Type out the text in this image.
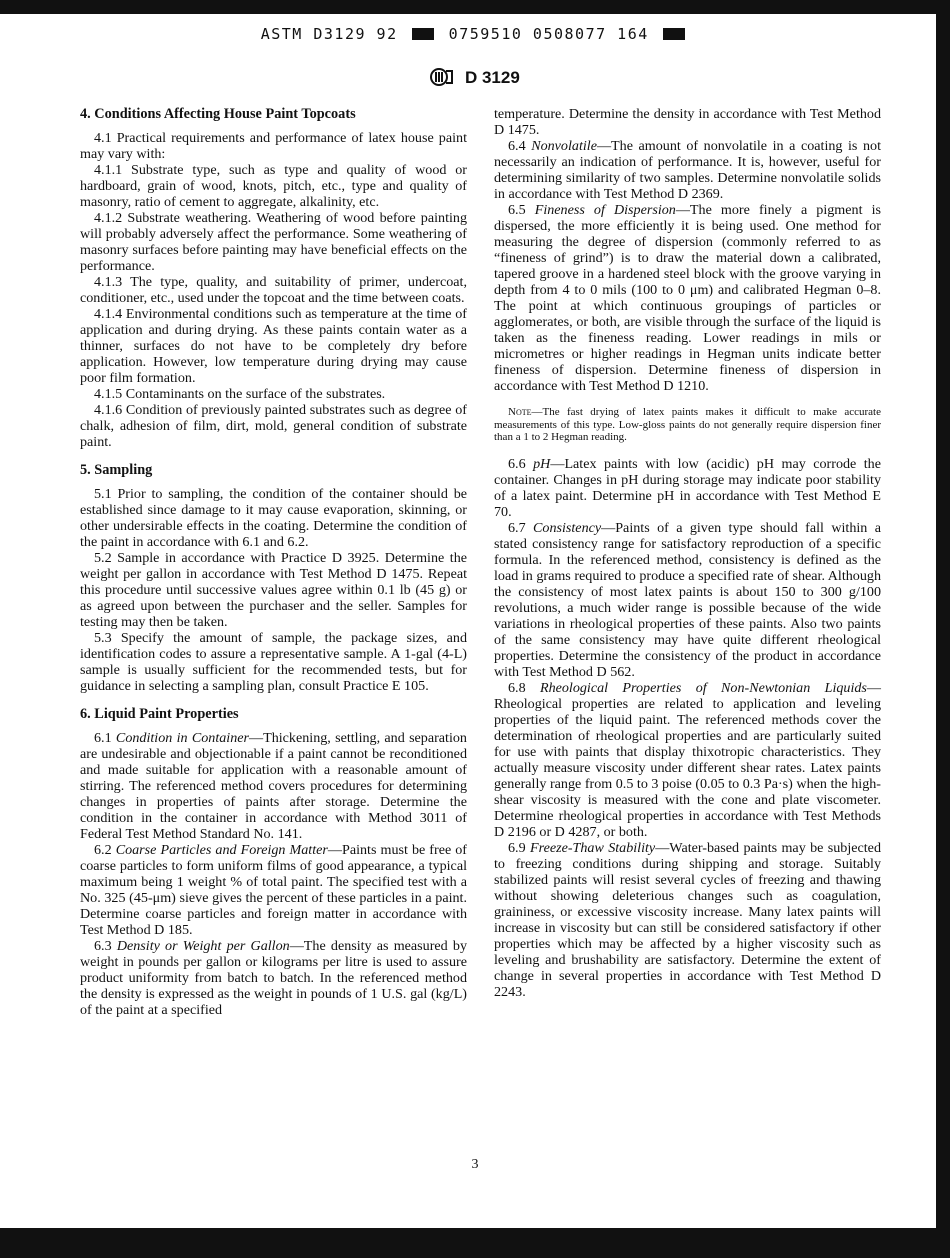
ASTM D3129 92	0759510 0508077 164
D 3129
4. Conditions Affecting House Paint Topcoats

4.1 Practical requirements and performance of latex house paint may vary with:

4.1.1 Substrate type, such as type and quality of wood or hardboard, grain of wood, knots, pitch, etc., type and quality of masonry, ratio of cement to aggregate, alkalinity, etc.

4.1.2 Substrate weathering. Weathering of wood before painting will probably adversely affect the performance. Some weathering of masonry surfaces before painting may have beneficial effects on the performance.

4.1.3 The type, quality, and suitability of primer, undercoat, conditioner, etc., used under the topcoat and the time between coats.

4.1.4 Environmental conditions such as temperature at the time of application and during drying. As these paints contain water as a thinner, surfaces do not have to be completely dry before application. However, low temperature during drying may cause poor film formation.

4.1.5 Contaminants on the surface of the substrates.

4.1.6 Condition of previously painted substrates such as degree of chalk, adhesion of film, dirt, mold, general condition of substrate paint.

5. Sampling

5.1 Prior to sampling, the condition of the container should be established since damage to it may cause evaporation, skinning, or other undersirable effects in the coating. Determine the condition of the paint in accordance with 6.1 and 6.2.

5.2 Sample in accordance with Practice D 3925. Determine the weight per gallon in accordance with Test Method D 1475. Repeat this procedure until successive values agree within 0.1 lb (45 g) or as agreed upon between the purchaser and the seller. Samples for testing may then be taken.

5.3 Specify the amount of sample, the package sizes, and identification codes to assure a representative sample. A 1-gal (4-L) sample is usually sufficient for the recommended tests, but for guidance in selecting a sampling plan, consult Practice E 105.

6. Liquid Paint Properties

6.1 Condition in Container—Thickening, settling, and separation are undesirable and objectionable if a paint cannot be reconditioned and made suitable for application with a reasonable amount of stirring. The referenced method covers procedures for determining changes in properties of paints after storage. Determine the condition in the container in accordance with Method 3011 of Federal Test Method Standard No. 141.

6.2 Coarse Particles and Foreign Matter—Paints must be free of coarse particles to form uniform films of good appearance, a typical maximum being 1 weight % of total paint. The specified test with a No. 325 (45-μm) sieve gives the percent of these particles in a paint. Determine coarse particles and foreign matter in accordance with Test Method D 185.

6.3 Density or Weight per Gallon—The density as measured by weight in pounds per gallon or kilograms per litre is used to assure product uniformity from batch to batch. In the referenced method the density is expressed as the weight in pounds of 1 U.S. gal (kg/L) of the paint at a specified

temperature. Determine the density in accordance with Test Method D 1475.

6.4 Nonvolatile—The amount of nonvolatile in a coating is not necessarily an indication of performance. It is, however, useful for determining similarity of two samples. Determine nonvolatile solids in accordance with Test Method D 2369.

6.5 Fineness of Dispersion—The more finely a pigment is dispersed, the more efficiently it is being used. One method for measuring the degree of dispersion (commonly referred to as “fineness of grind”) is to draw the material down a calibrated, tapered groove in a hardened steel block with the groove varying in depth from 4 to 0 mils (100 to 0 μm) and calibrated Hegman 0–8. The point at which continuous groupings of particles or agglomerates, or both, are visible through the surface of the liquid is taken as the fineness reading. Lower readings in mils or micrometres or higher readings in Hegman units indicate better fineness of dispersion. Determine fineness of dispersion in accordance with Test Method D 1210.

Note—The fast drying of latex paints makes it difficult to make accurate measurements of this type. Low-gloss paints do not generally require dispersion finer than a 1 to 2 Hegman reading.

6.6 pH—Latex paints with low (acidic) pH may corrode the container. Changes in pH during storage may indicate poor stability of a latex paint. Determine pH in accordance with Test Method E 70.

6.7 Consistency—Paints of a given type should fall within a stated consistency range for satisfactory reproduction of a specific formula. In the referenced method, consistency is defined as the load in grams required to produce a specified rate of shear. Although the consistency of most latex paints is about 150 to 300 g/100 revolutions, a much wider range is possible because of the wide variations in rheological properties of these paints. Also two paints of the same consistency may have quite different rheological properties. Determine the consistency of the product in accordance with Test Method D 562.

6.8 Rheological Properties of Non-Newtonian Liquids—Rheological properties are related to application and leveling properties of the liquid paint. The referenced methods cover the determination of rheological properties and are particularly suited for use with paints that display thixotropic characteristics. They actually measure viscosity under different shear rates. Latex paints generally range from 0.5 to 3 poise (0.05 to 0.3 Pa·s) when the high-shear viscosity is measured with the cone and plate viscometer. Determine rheological properties in accordance with Test Methods D 2196 or D 4287, or both.

6.9 Freeze-Thaw Stability—Water-based paints may be subjected to freezing conditions during shipping and storage. Suitably stabilized paints will resist several cycles of freezing and thawing without showing deleterious changes such as coagulation, graininess, or excessive viscosity increase. Many latex paints will increase in viscosity but can still be considered satisfactory if other properties which may be affected by a higher viscosity such as leveling and brushability are satisfactory. Determine the extent of change in several properties in accordance with Test Method D 2243.

3
